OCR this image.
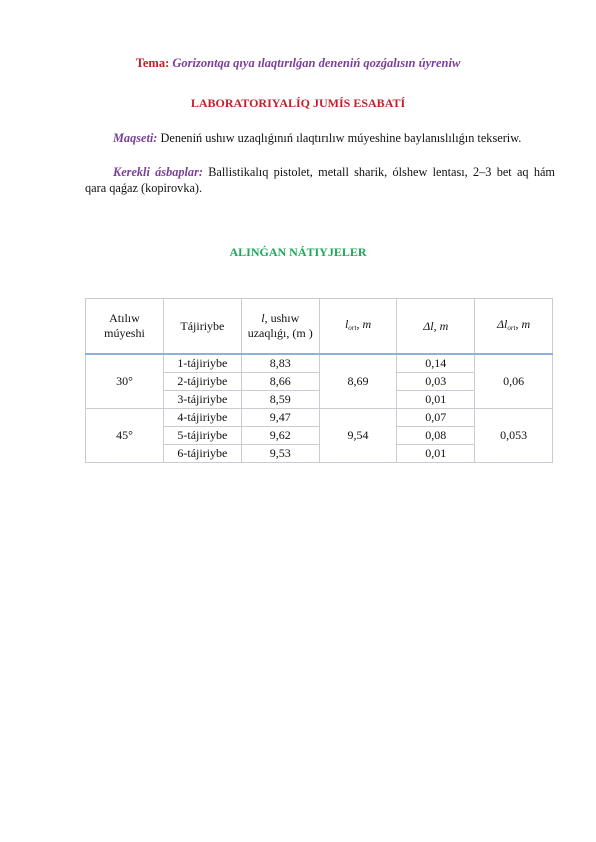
Tema: Gorizontqa qıya ılaqtırılǵan deneniń qozǵalısın úyreniw
LABORATORIYALÍQ JUMÍS ESABATÍ
Maqseti: Deneniń ushıw uzaqlıǵınıń ılaqtırılıw múyeshine baylanıslılıǵın tekseriw.
Kerekli ásbaplar: Ballistikalıq pistolet, metall sharik, ólshew lentası, 2–3 bet aq hám qara qaǵaz (kopirovka).
ALINǴAN NÁTIYJELER
Atılıw múyeshi	Tájiriybe	l, ushıw uzaqlıǵı, (m )	$l_{ort}$, m	Δl, m	$\Delta l_{ort}$, m
30°	1-tájiriybe	8,83	8,69	0,14	0,06
	2-tájiriybe	8,66		0,03	
	3-tájiriybe	8,59		0,01	
45°	4-tájiriybe	9,47	9,54	0,07	0,053
	5-tájiriybe	9,62		0,08	
	6-tájiriybe	9,53		0,01	
